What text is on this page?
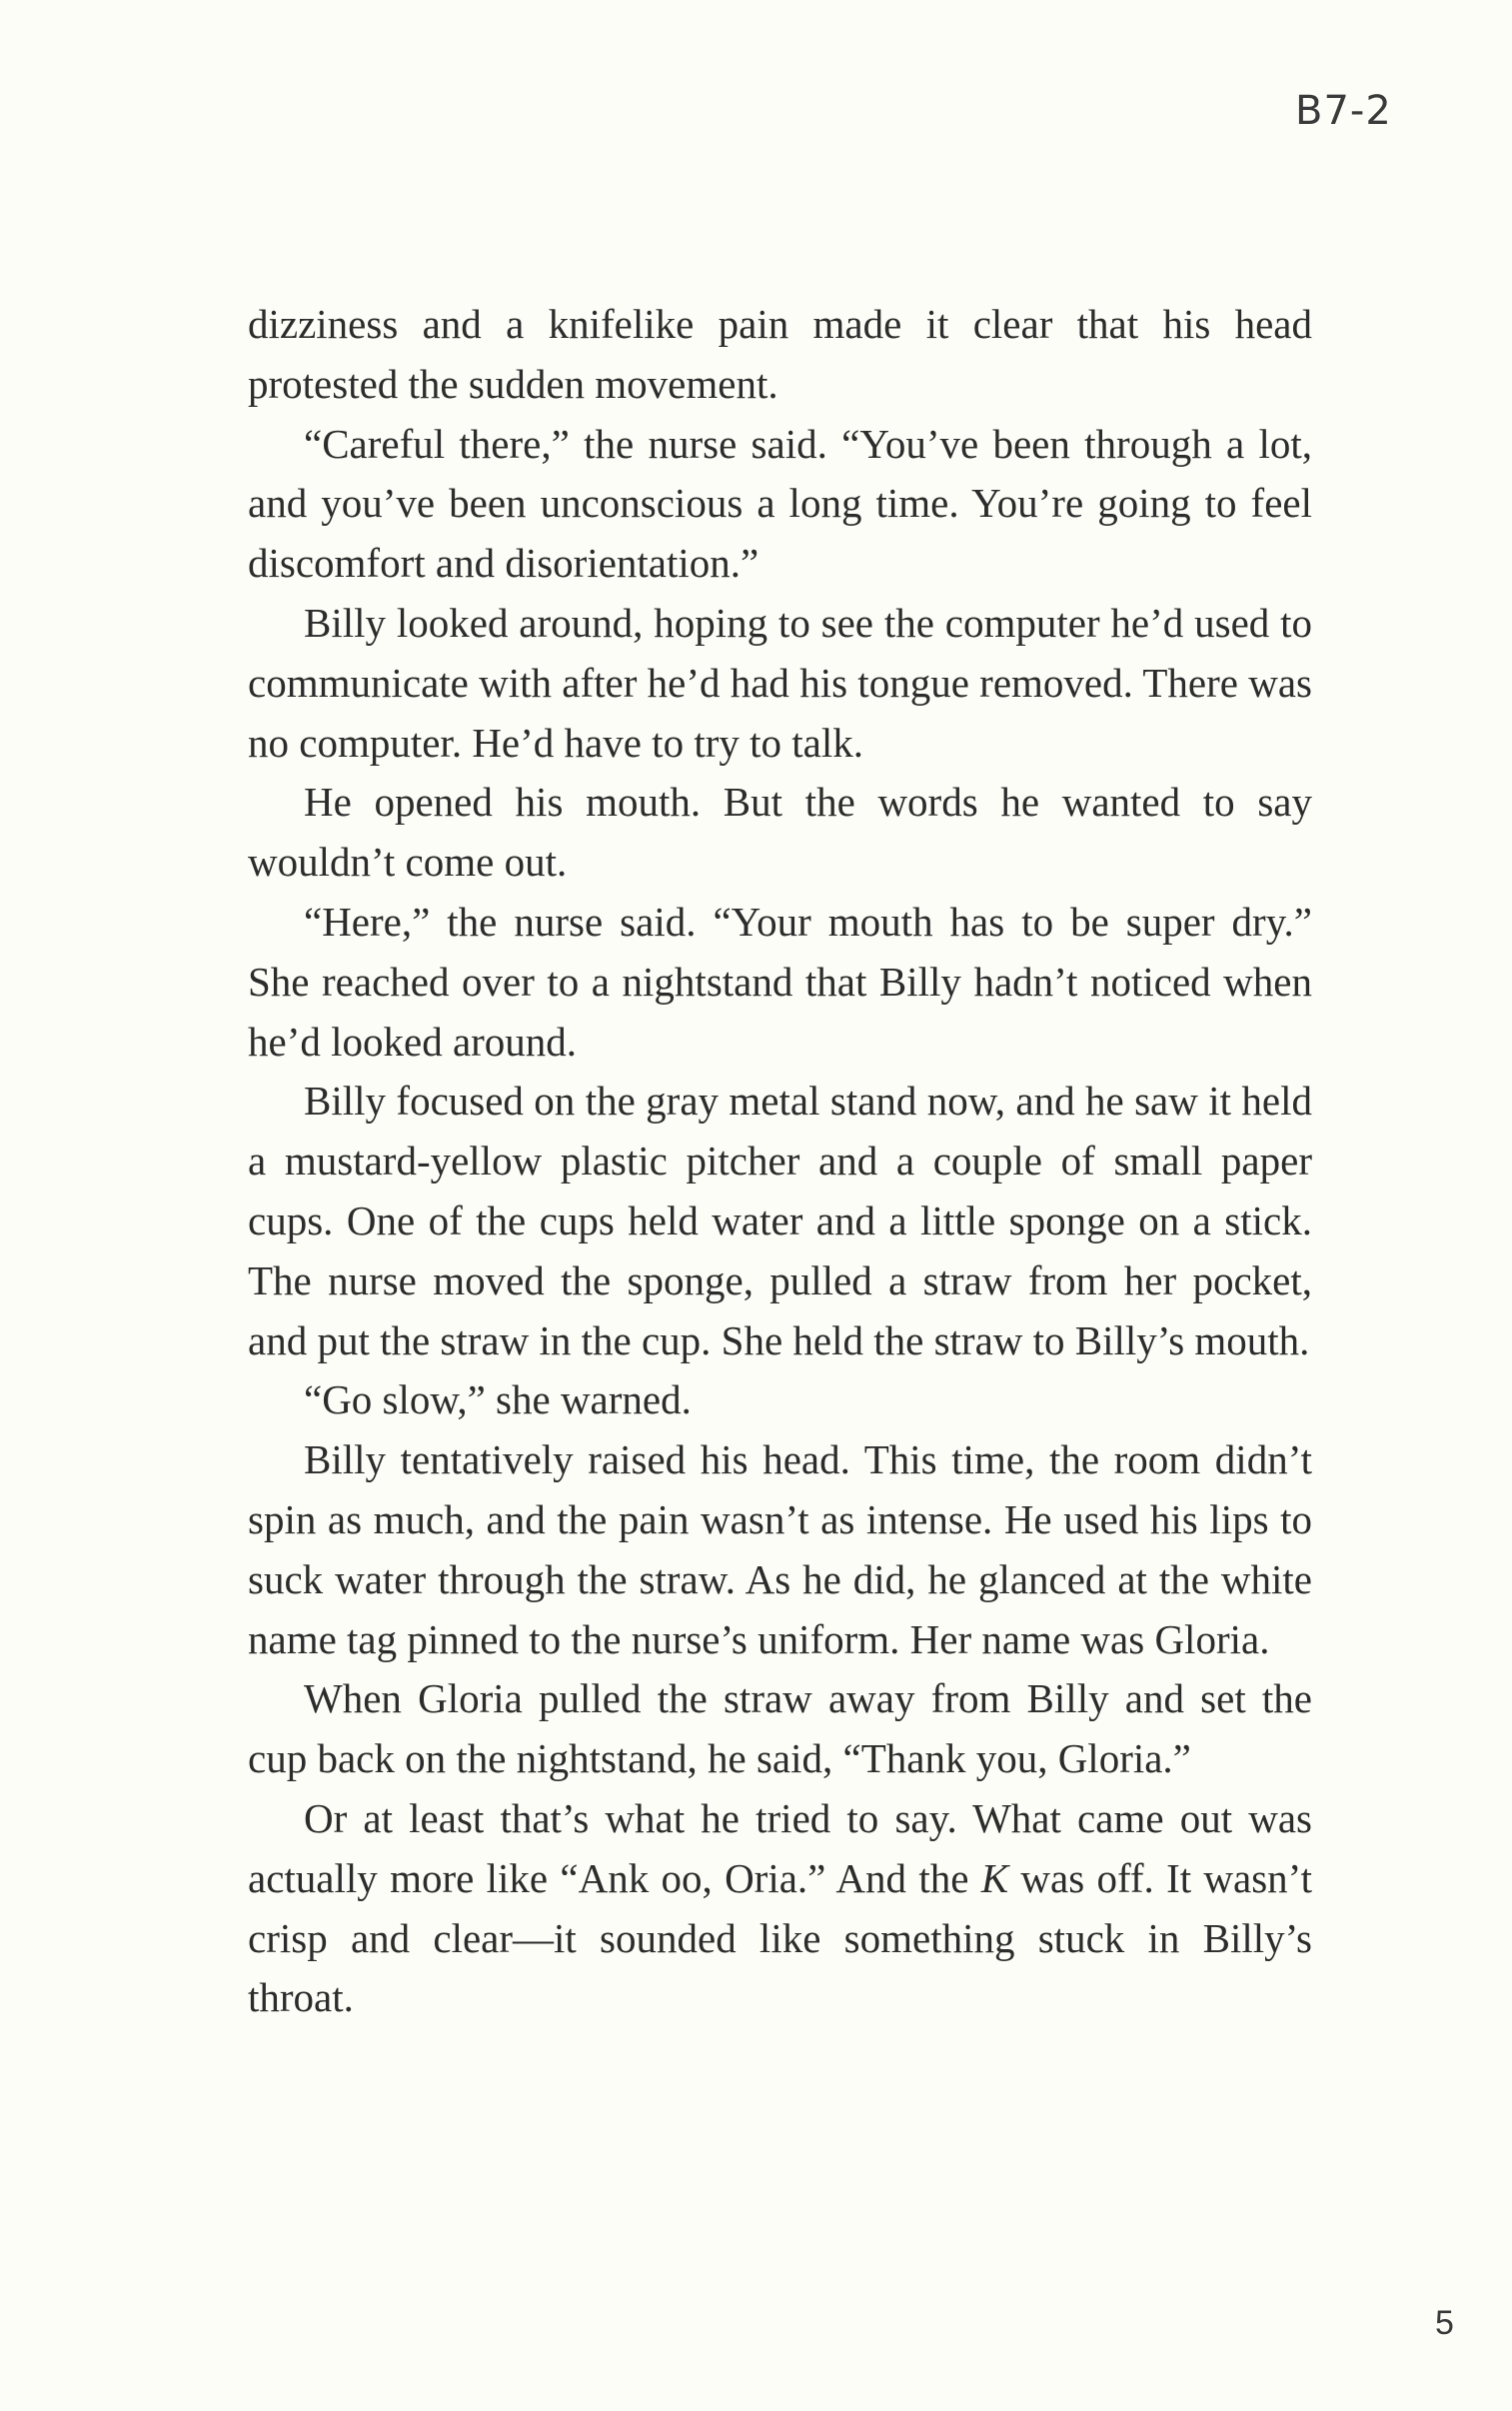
B7-2

dizziness and a knifelike pain made it clear that his head protested the sudden movement.

“Careful there,” the nurse said. “You’ve been through a lot, and you’ve been unconscious a long time. You’re going to feel discomfort and disorientation.”

Billy looked around, hoping to see the computer he’d used to communicate with after he’d had his tongue removed. There was no computer. He’d have to try to talk.

He opened his mouth. But the words he wanted to say wouldn’t come out.

“Here,” the nurse said. “Your mouth has to be super dry.” She reached over to a nightstand that Billy hadn’t noticed when he’d looked around.

Billy focused on the gray metal stand now, and he saw it held a mustard-yellow plastic pitcher and a couple of small paper cups. One of the cups held water and a little sponge on a stick. The nurse moved the sponge, pulled a straw from her pocket, and put the straw in the cup. She held the straw to Billy’s mouth.

“Go slow,” she warned.

Billy tentatively raised his head. This time, the room didn’t spin as much, and the pain wasn’t as intense. He used his lips to suck water through the straw. As he did, he glanced at the white name tag pinned to the nurse’s uniform. Her name was Gloria.

When Gloria pulled the straw away from Billy and set the cup back on the nightstand, he said, “Thank you, Gloria.”

Or at least that’s what he tried to say. What came out was actually more like “Ank oo, Oria.” And the K was off. It wasn’t crisp and clear—it sounded like something stuck in Billy’s throat.

5
